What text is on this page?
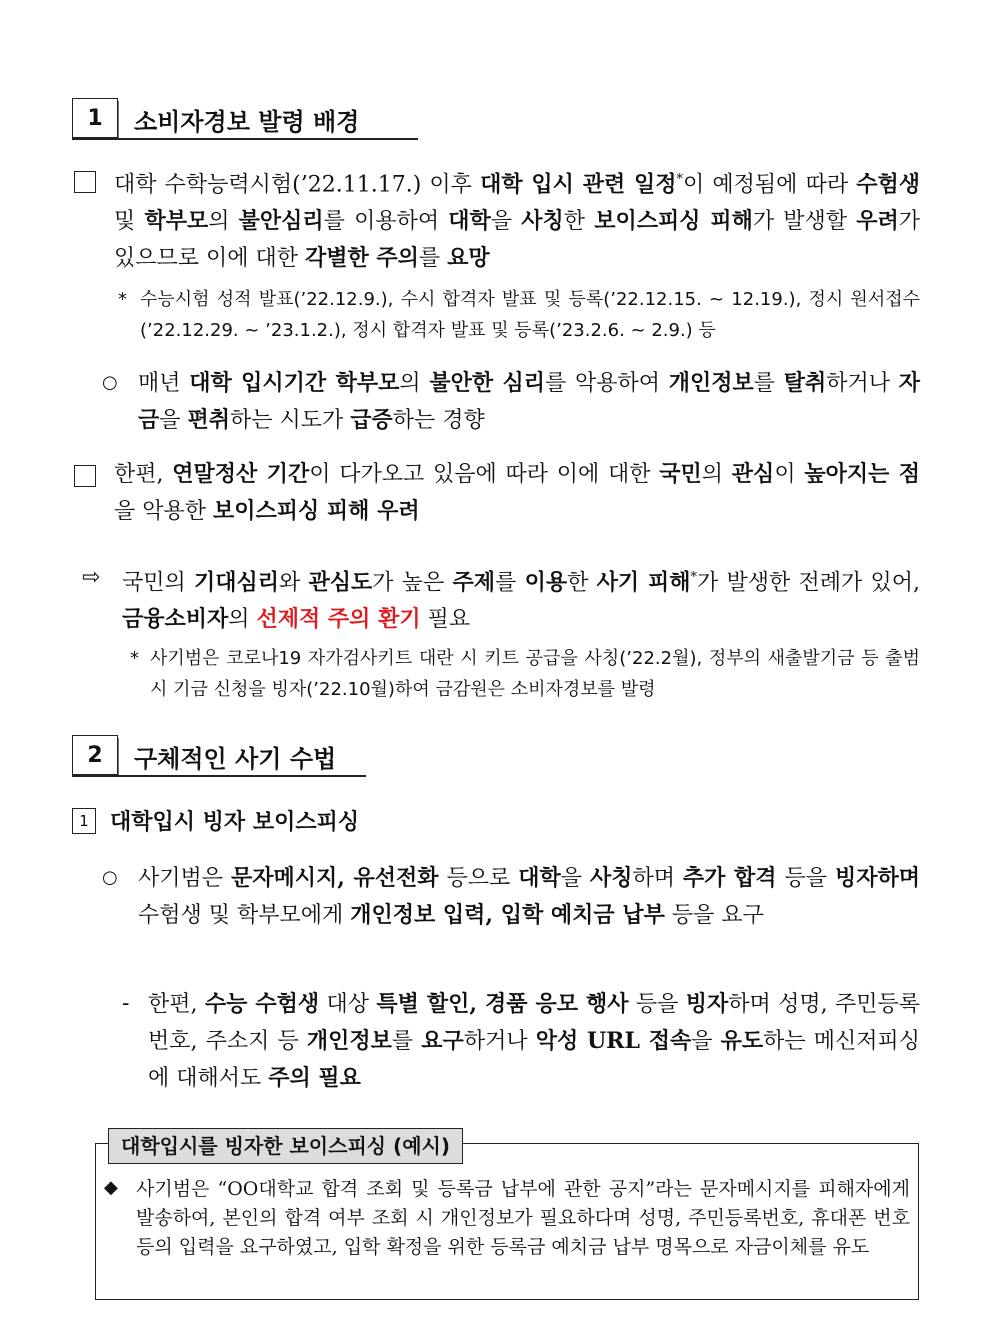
1	소비자경보 발령 배경
대학 수학능력시험(’22.11.17.) 이후 대학 입시 관련 일정*이 예정됨에 따라 수험생 및 학부모의 불안심리를 이용하여 대학을 사칭한 보이스피싱 피해가 발생할 우려가 있으므로 이에 대한 각별한 주의를 요망
* 수능시험 성적 발표(’22.12.9.), 수시 합격자 발표 및 등록(’22.12.15. ~ 12.19.), 정시 원서접수(’22.12.29. ~ ’23.1.2.), 정시 합격자 발표 및 등록(’23.2.6. ~ 2.9.) 등
○ 매년 대학 입시기간 학부모의 불안한 심리를 악용하여 개인정보를 탈취하거나 자금을 편취하는 시도가 급증하는 경향
한편, 연말정산 기간이 다가오고 있음에 따라 이에 대한 국민의 관심이 높아지는 점을 악용한 보이스피싱 피해 우려
⇨ 국민의 기대심리와 관심도가 높은 주제를 이용한 사기 피해*가 발생한 전례가 있어, 금융소비자의 선제적 주의 환기 필요
* 사기범은 코로나19 자가검사키트 대란 시 키트 공급을 사칭(’22.2월), 정부의 새출발기금 등 출범 시 기금 신청을 빙자(’22.10월)하여 금감원은 소비자경보를 발령
2	구체적인 사기 수법
1 대학입시 빙자 보이스피싱
○ 사기범은 문자메시지, 유선전화 등으로 대학을 사칭하며 추가 합격 등을 빙자하며 수험생 및 학부모에게 개인정보 입력, 입학 예치금 납부 등을 요구
- 한편, 수능 수험생 대상 특별 할인, 경품 응모 행사 등을 빙자하며 성명, 주민등록번호, 주소지 등 개인정보를 요구하거나 악성 URL 접속을 유도하는 메신저피싱에 대해서도 주의 필요
대학입시를 빙자한 보이스피싱 (예시)
◆ 사기범은 “OO대학교 합격 조회 및 등록금 납부에 관한 공지”라는 문자메시지를 피해자에게 발송하여, 본인의 합격 여부 조회 시 개인정보가 필요하다며 성명, 주민등록번호, 휴대폰 번호 등의 입력을 요구하였고, 입학 확정을 위한 등록금 예치금 납부 명목으로 자금이체를 유도
